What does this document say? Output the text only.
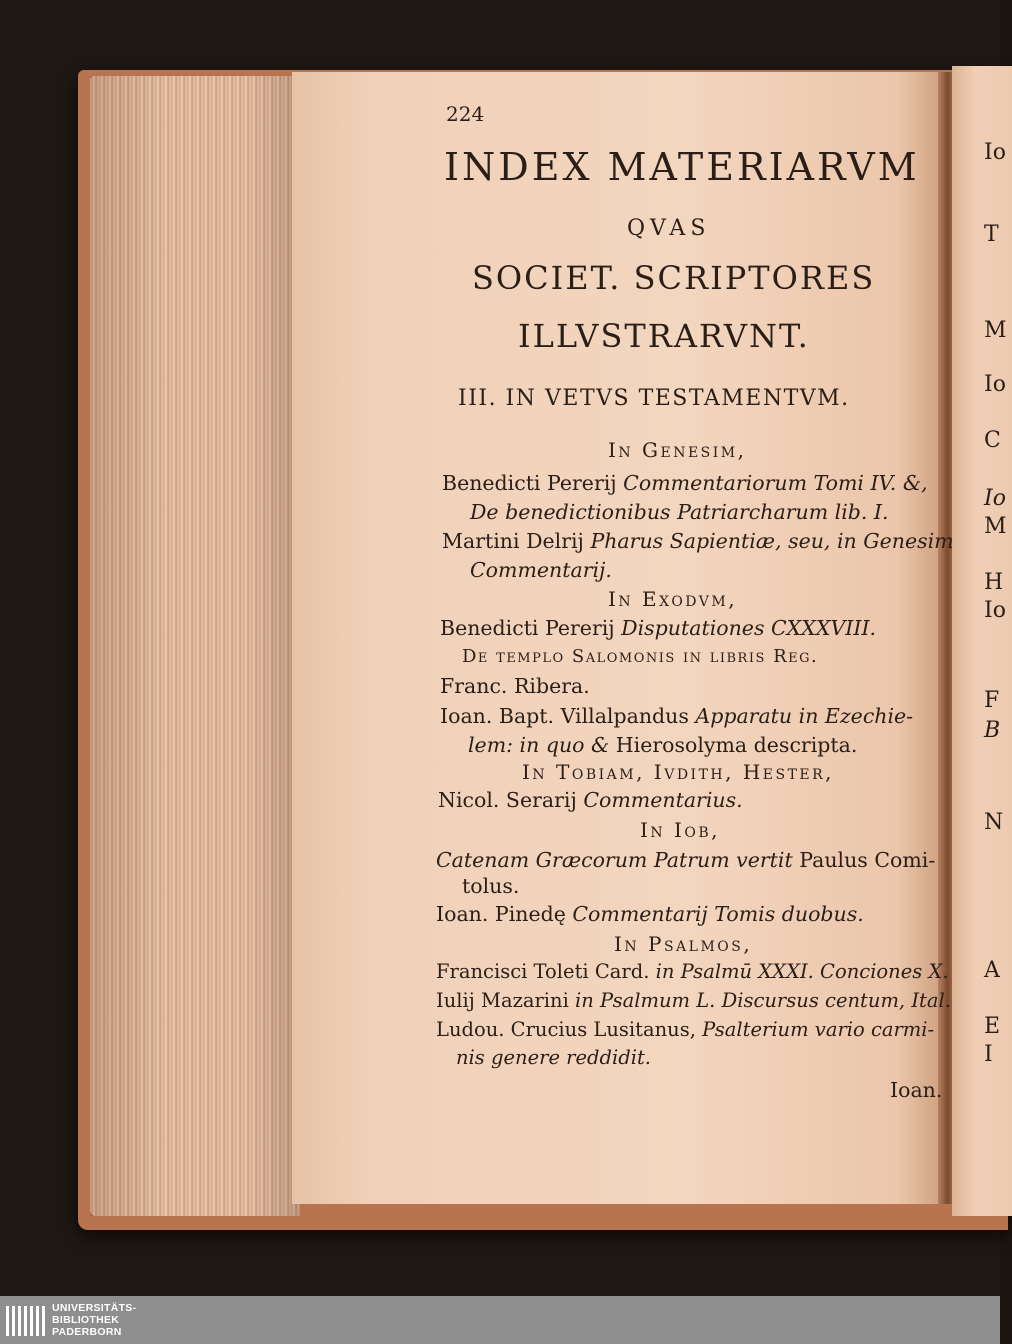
Io
T
M
Io
C
Io
M
H
Io
F
B
N
A
E
I
224
INDEX MATERIARVM
QVAS
SOCIET. SCRIPTORES
ILLVSTRARVNT.
III. IN VETVS TESTAMENTVM.
In Genesim,
Benedicti Pererij Commentariorum Tomi IV. &,
De benedictionibus Patriarcharum lib. I.
Martini Delrij Pharus Sapientiæ, seu, in Genesim
Commentarij.
In Exodvm,
Benedicti Pererij Disputationes CXXXVIII.
De templo Salomonis in libris Reg.
Franc. Ribera.
Ioan. Bapt. Villalpandus Apparatu in Ezechie-
lem: in quo & Hierosolyma descripta.
In Tobiam, Ivdith, Hester,
Nicol. Serarij Commentarius.
In Iob,
Catenam Græcorum Patrum vertit Paulus Comi-
tolus.
Ioan. Pinedę Commentarij Tomis duobus.
In Psalmos,
Francisci Toleti Card. in Psalmū XXXI. Conciones X.
Iulij Mazarini in Psalmum L. Discursus centum, Ital.
Ludou. Crucius Lusitanus, Psalterium vario carmi-
nis genere reddidit.
Ioan.
UNIVERSITÄTS-
BIBLIOTHEK
PADERBORN
